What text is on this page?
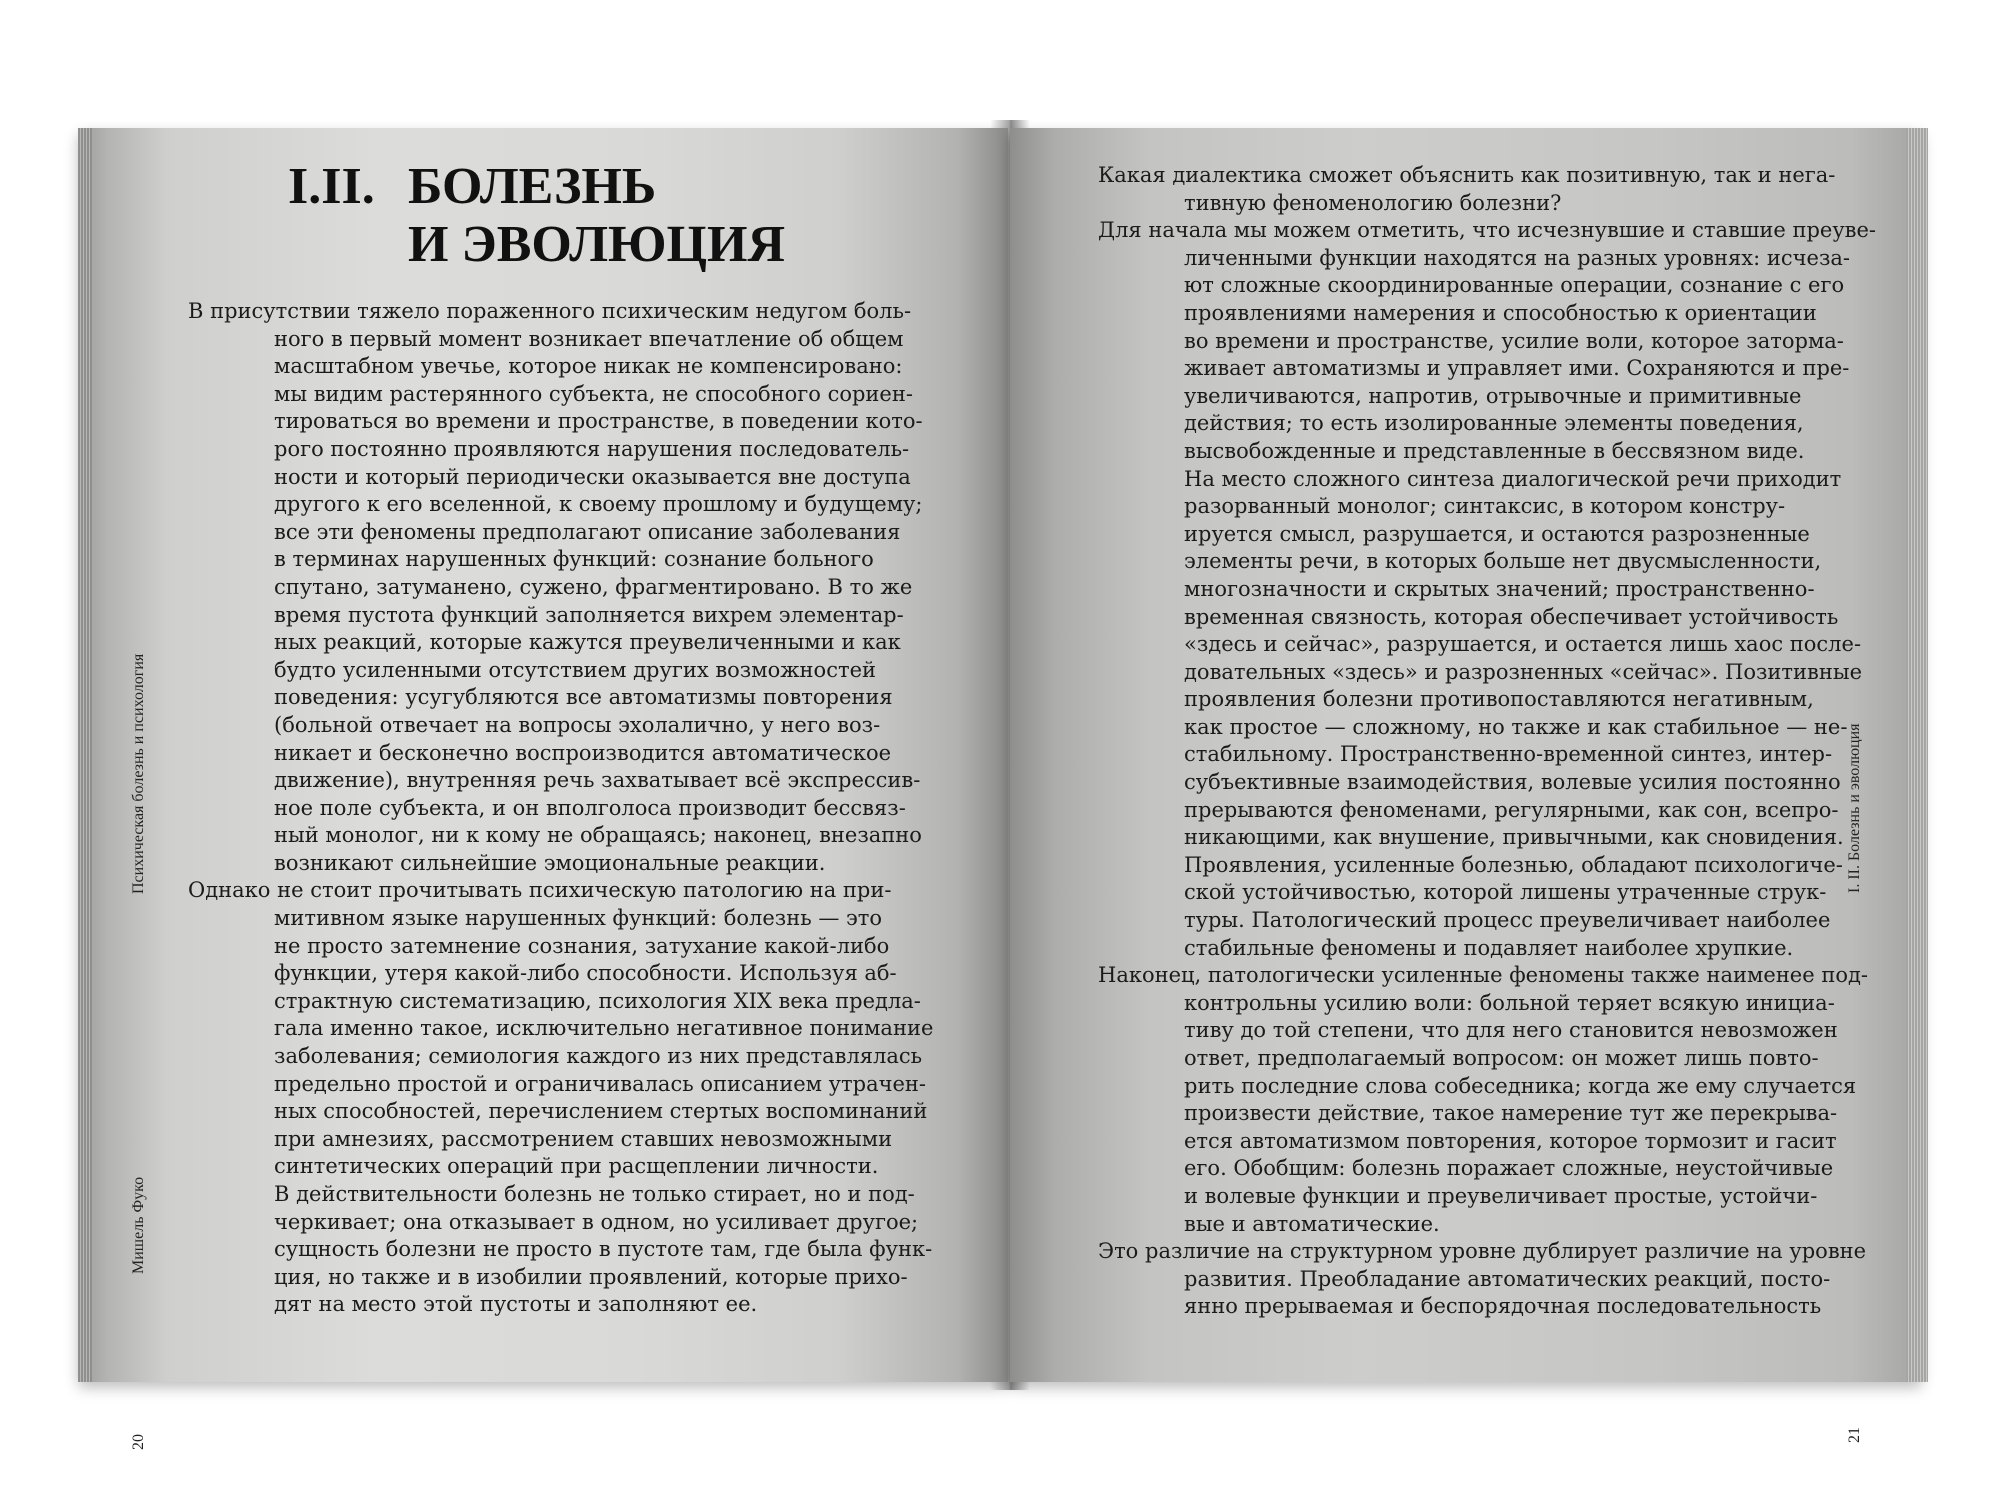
I.II. БОЛЕЗНЬ
И ЭВОЛЮЦИЯ
В присутствии тяжело пораженного психическим недугом боль-
ного в первый момент возникает впечатление об общем
масштабном увечье, которое никак не компенсировано:
мы видим растерянного субъекта, не способного сориен-
тироваться во времени и пространстве, в поведении кото-
рого постоянно проявляются нарушения последователь-
ности и который периодически оказывается вне доступа
другого к его вселенной, к своему прошлому и будущему;
все эти феномены предполагают описание заболевания
в терминах нарушенных функций: сознание больного
спутано, затуманено, сужено, фрагментировано. В то же
время пустота функций заполняется вихрем элементар-
ных реакций, которые кажутся преувеличенными и как
будто усиленными отсутствием других возможностей
поведения: усугубляются все автоматизмы повторения
(больной отвечает на вопросы эхолалично, у него воз-
никает и бесконечно воспроизводится автоматическое
движение), внутренняя речь захватывает всё экспрессив-
ное поле субъекта, и он вполголоса производит бессвяз-
ный монолог, ни к кому не обращаясь; наконец, внезапно
возникают сильнейшие эмоциональные реакции.
Однако не стоит прочитывать психическую патологию на при-
митивном языке нарушенных функций: болезнь — это
не просто затемнение сознания, затухание какой-либо
функции, утеря какой-либо способности. Используя аб-
страктную систематизацию, психология XIX века предла-
гала именно такое, исключительно негативное понимание
заболевания; семиология каждого из них представлялась
предельно простой и ограничивалась описанием утрачен-
ных способностей, перечислением стертых воспоминаний
при амнезиях, рассмотрением ставших невозможными
синтетических операций при расщеплении личности.
В действительности болезнь не только стирает, но и под-
черкивает; она отказывает в одном, но усиливает другое;
сущность болезни не просто в пустоте там, где была функ-
ция, но также и в изобилии проявлений, которые прихо-
дят на место этой пустоты и заполняют ее.
Психическая болезнь и психология
Мишель Фуко
20
Какая диалектика сможет объяснить как позитивную, так и нега-
тивную феноменологию болезни?
Для начала мы можем отметить, что исчезнувшие и ставшие преуве-
личенными функции находятся на разных уровнях: исчеза-
ют сложные скоординированные операции, сознание с его
проявлениями намерения и способностью к ориентации
во времени и пространстве, усилие воли, которое затормa-
живает автоматизмы и управляет ими. Сохраняются и пре-
увеличиваются, напротив, отрывочные и примитивные
действия; то есть изолированные элементы поведения,
высвобожденные и представленные в бессвязном виде.
На место сложного синтеза диалогической речи приходит
разорванный монолог; синтаксис, в котором констру-
ируется смысл, разрушается, и остаются разрозненные
элементы речи, в которых больше нет двусмысленности,
многозначности и скрытых значений; пространственно-
временная связность, которая обеспечивает устойчивость
«здесь и сейчас», разрушается, и остается лишь хаос после-
довательных «здесь» и разрозненных «сейчас». Позитивные
проявления болезни противопоставляются негативным,
как простое — сложному, но также и как стабильное — не-
стабильному. Пространственно-временной синтез, интер-
субъективные взаимодействия, волевые усилия постоянно
прерываются феноменами, регулярными, как сон, всепро-
никающими, как внушение, привычными, как сновидения.
Проявления, усиленные болезнью, обладают психологиче-
ской устойчивостью, которой лишены утраченные струк-
туры. Патологический процесс преувеличивает наиболее
стабильные феномены и подавляет наиболее хрупкие.
Наконец, патологически усиленные феномены также наименее под-
контрольны усилию воли: больной теряет всякую инициа-
тиву до той степени, что для него становится невозможен
ответ, предполагаемый вопросом: он может лишь повто-
рить последние слова собеседника; когда же ему случается
произвести действие, такое намерение тут же перекрыва-
ется автоматизмом повторения, которое тормозит и гасит
его. Обобщим: болезнь поражает сложные, неустойчивые
и волевые функции и преувеличивает простые, устойчи-
вые и автоматические.
Это различие на структурном уровне дублирует различие на уровне
развития. Преобладание автоматических реакций, посто-
янно прерываемая и беспорядочная последовательность
I. II. Болезнь и эволюция
21
